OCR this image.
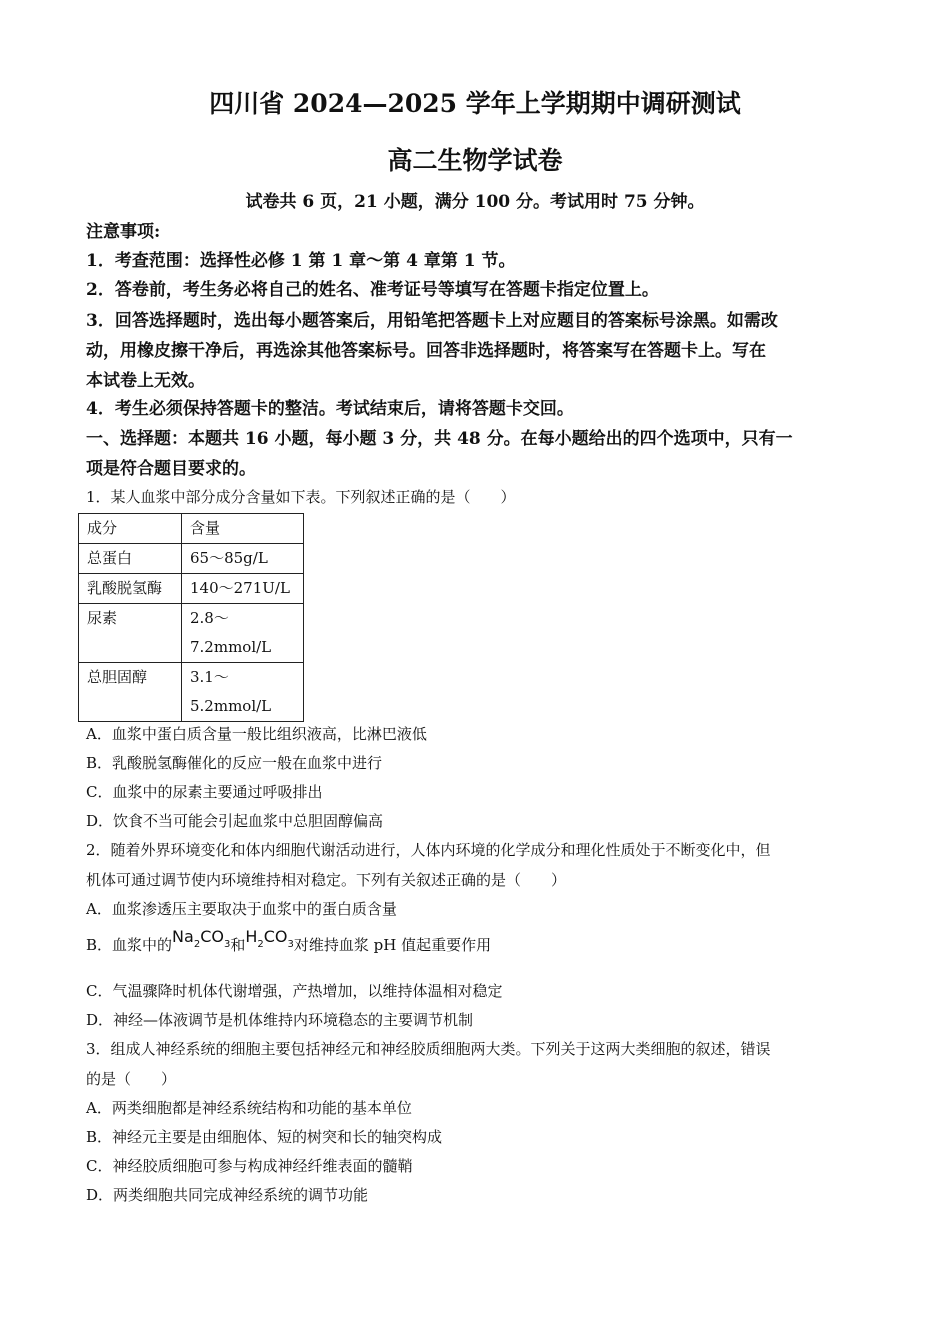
四川省 2024—2025 学年上学期期中调研测试
高二生物学试卷
试卷共 6 页，21 小题，满分 100 分。考试用时 75 分钟。
注意事项:
1．考查范围：选择性必修 1 第 1 章～第 4 章第 1 节。
2．答卷前，考生务必将自己的姓名、准考证号等填写在答题卡指定位置上。
3．回答选择题时，选出每小题答案后，用铅笔把答题卡上对应题目的答案标号涂黑。如需改
动，用橡皮擦干净后，再选涂其他答案标号。回答非选择题时，将答案写在答题卡上。写在
本试卷上无效。
4．考生必须保持答题卡的整洁。考试结束后，请将答题卡交回。
一、选择题：本题共 16 小题，每小题 3 分，共 48 分。在每小题给出的四个选项中，只有一
项是符合题目要求的。
1．某人血浆中部分成分含量如下表。下列叙述正确的是（　　）
成分	含量
总蛋白	65～85g/L
乳酸脱氢酶	140～271U/L
尿素	2.8～
7.2mmol/L

总胆固醇	3.1～
5.2mmol/L
A．血浆中蛋白质含量一般比组织液高，比淋巴液低
B．乳酸脱氢酶催化的反应一般在血浆中进行
C．血浆中的尿素主要通过呼吸排出
D．饮食不当可能会引起血浆中总胆固醇偏高
2．随着外界环境变化和体内细胞代谢活动进行，人体内环境的化学成分和理化性质处于不断变化中，但
机体可通过调节使内环境维持相对稳定。下列有关叙述正确的是（　　）
A．血浆渗透压主要取决于血浆中的蛋白质含量
B．血浆中的$Na_2CO_3$和$H_2CO_3$对维持血浆 pH 值起重要作用
C．气温骤降时机体代谢增强，产热增加，以维持体温相对稳定
D．神经—体液调节是机体维持内环境稳态的主要调节机制
3．组成人神经系统的细胞主要包括神经元和神经胶质细胞两大类。下列关于这两大类细胞的叙述，错误
的是（　　）
A．两类细胞都是神经系统结构和功能的基本单位
B．神经元主要是由细胞体、短的树突和长的轴突构成
C．神经胶质细胞可参与构成神经纤维表面的髓鞘
D．两类细胞共同完成神经系统的调节功能
